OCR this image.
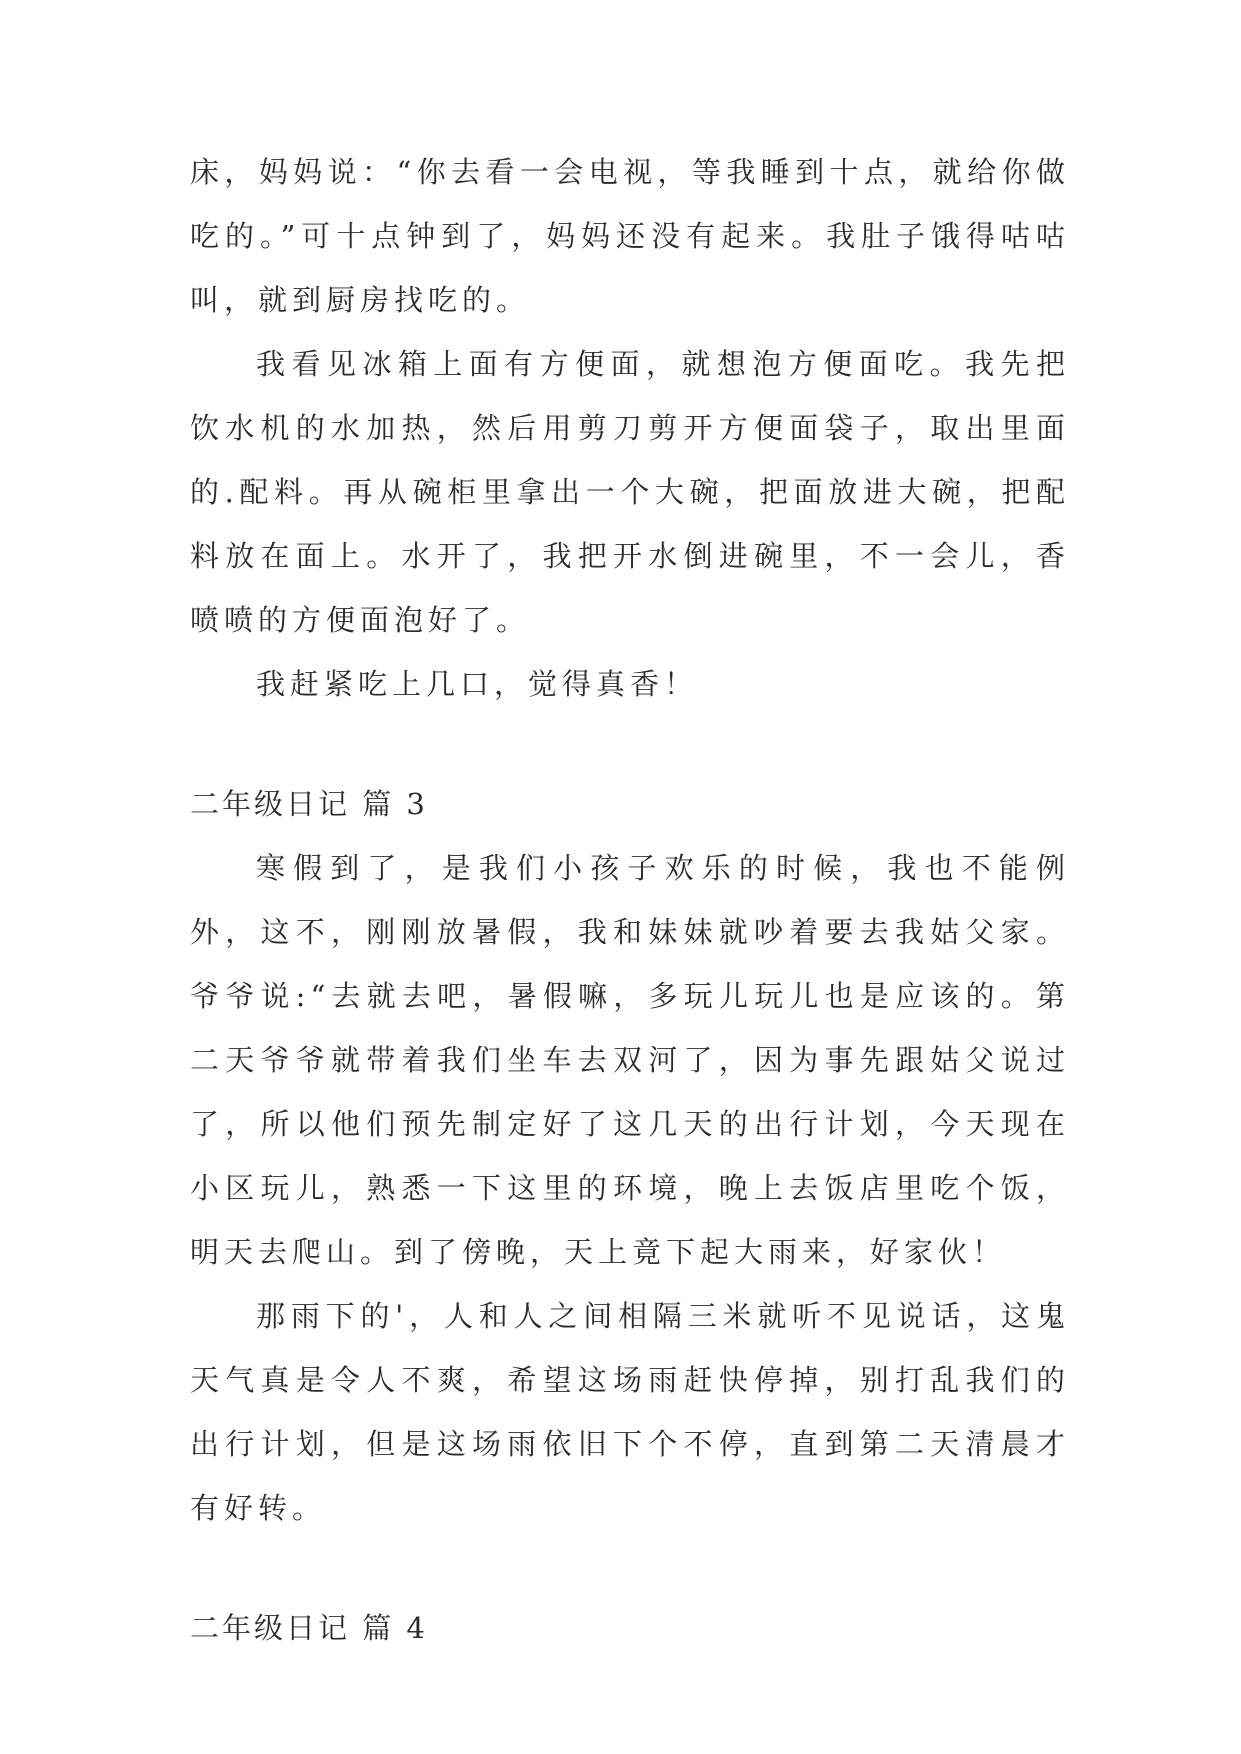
床，妈妈说：“你去看一会电视，等我睡到十点，就给你做吃的。”可十点钟到了，妈妈还没有起来。我肚子饿得咕咕叫，就到厨房找吃的。

我看见冰箱上面有方便面，就想泡方便面吃。我先把饮水机的水加热，然后用剪刀剪开方便面袋子，取出里面的.配料。再从碗柜里拿出一个大碗，把面放进大碗，把配料放在面上。水开了，我把开水倒进碗里，不一会儿，香喷喷的方便面泡好了。

我赶紧吃上几口，觉得真香！

二年级日记 篇 3

寒假到了，是我们小孩子欢乐的时候，我也不能例外，这不，刚刚放暑假，我和妹妹就吵着要去我姑父家。爷爷说:“去就去吧，暑假嘛，多玩儿玩儿也是应该的。第二天爷爷就带着我们坐车去双河了，因为事先跟姑父说过了，所以他们预先制定好了这几天的出行计划，今天现在小区玩儿，熟悉一下这里的环境，晚上去饭店里吃个饭，明天去爬山。到了傍晚，天上竟下起大雨来，好家伙！

那雨下的'，人和人之间相隔三米就听不见说话，这鬼天气真是令人不爽，希望这场雨赶快停掉，别打乱我们的出行计划，但是这场雨依旧下个不停，直到第二天清晨才有好转。

二年级日记 篇 4
